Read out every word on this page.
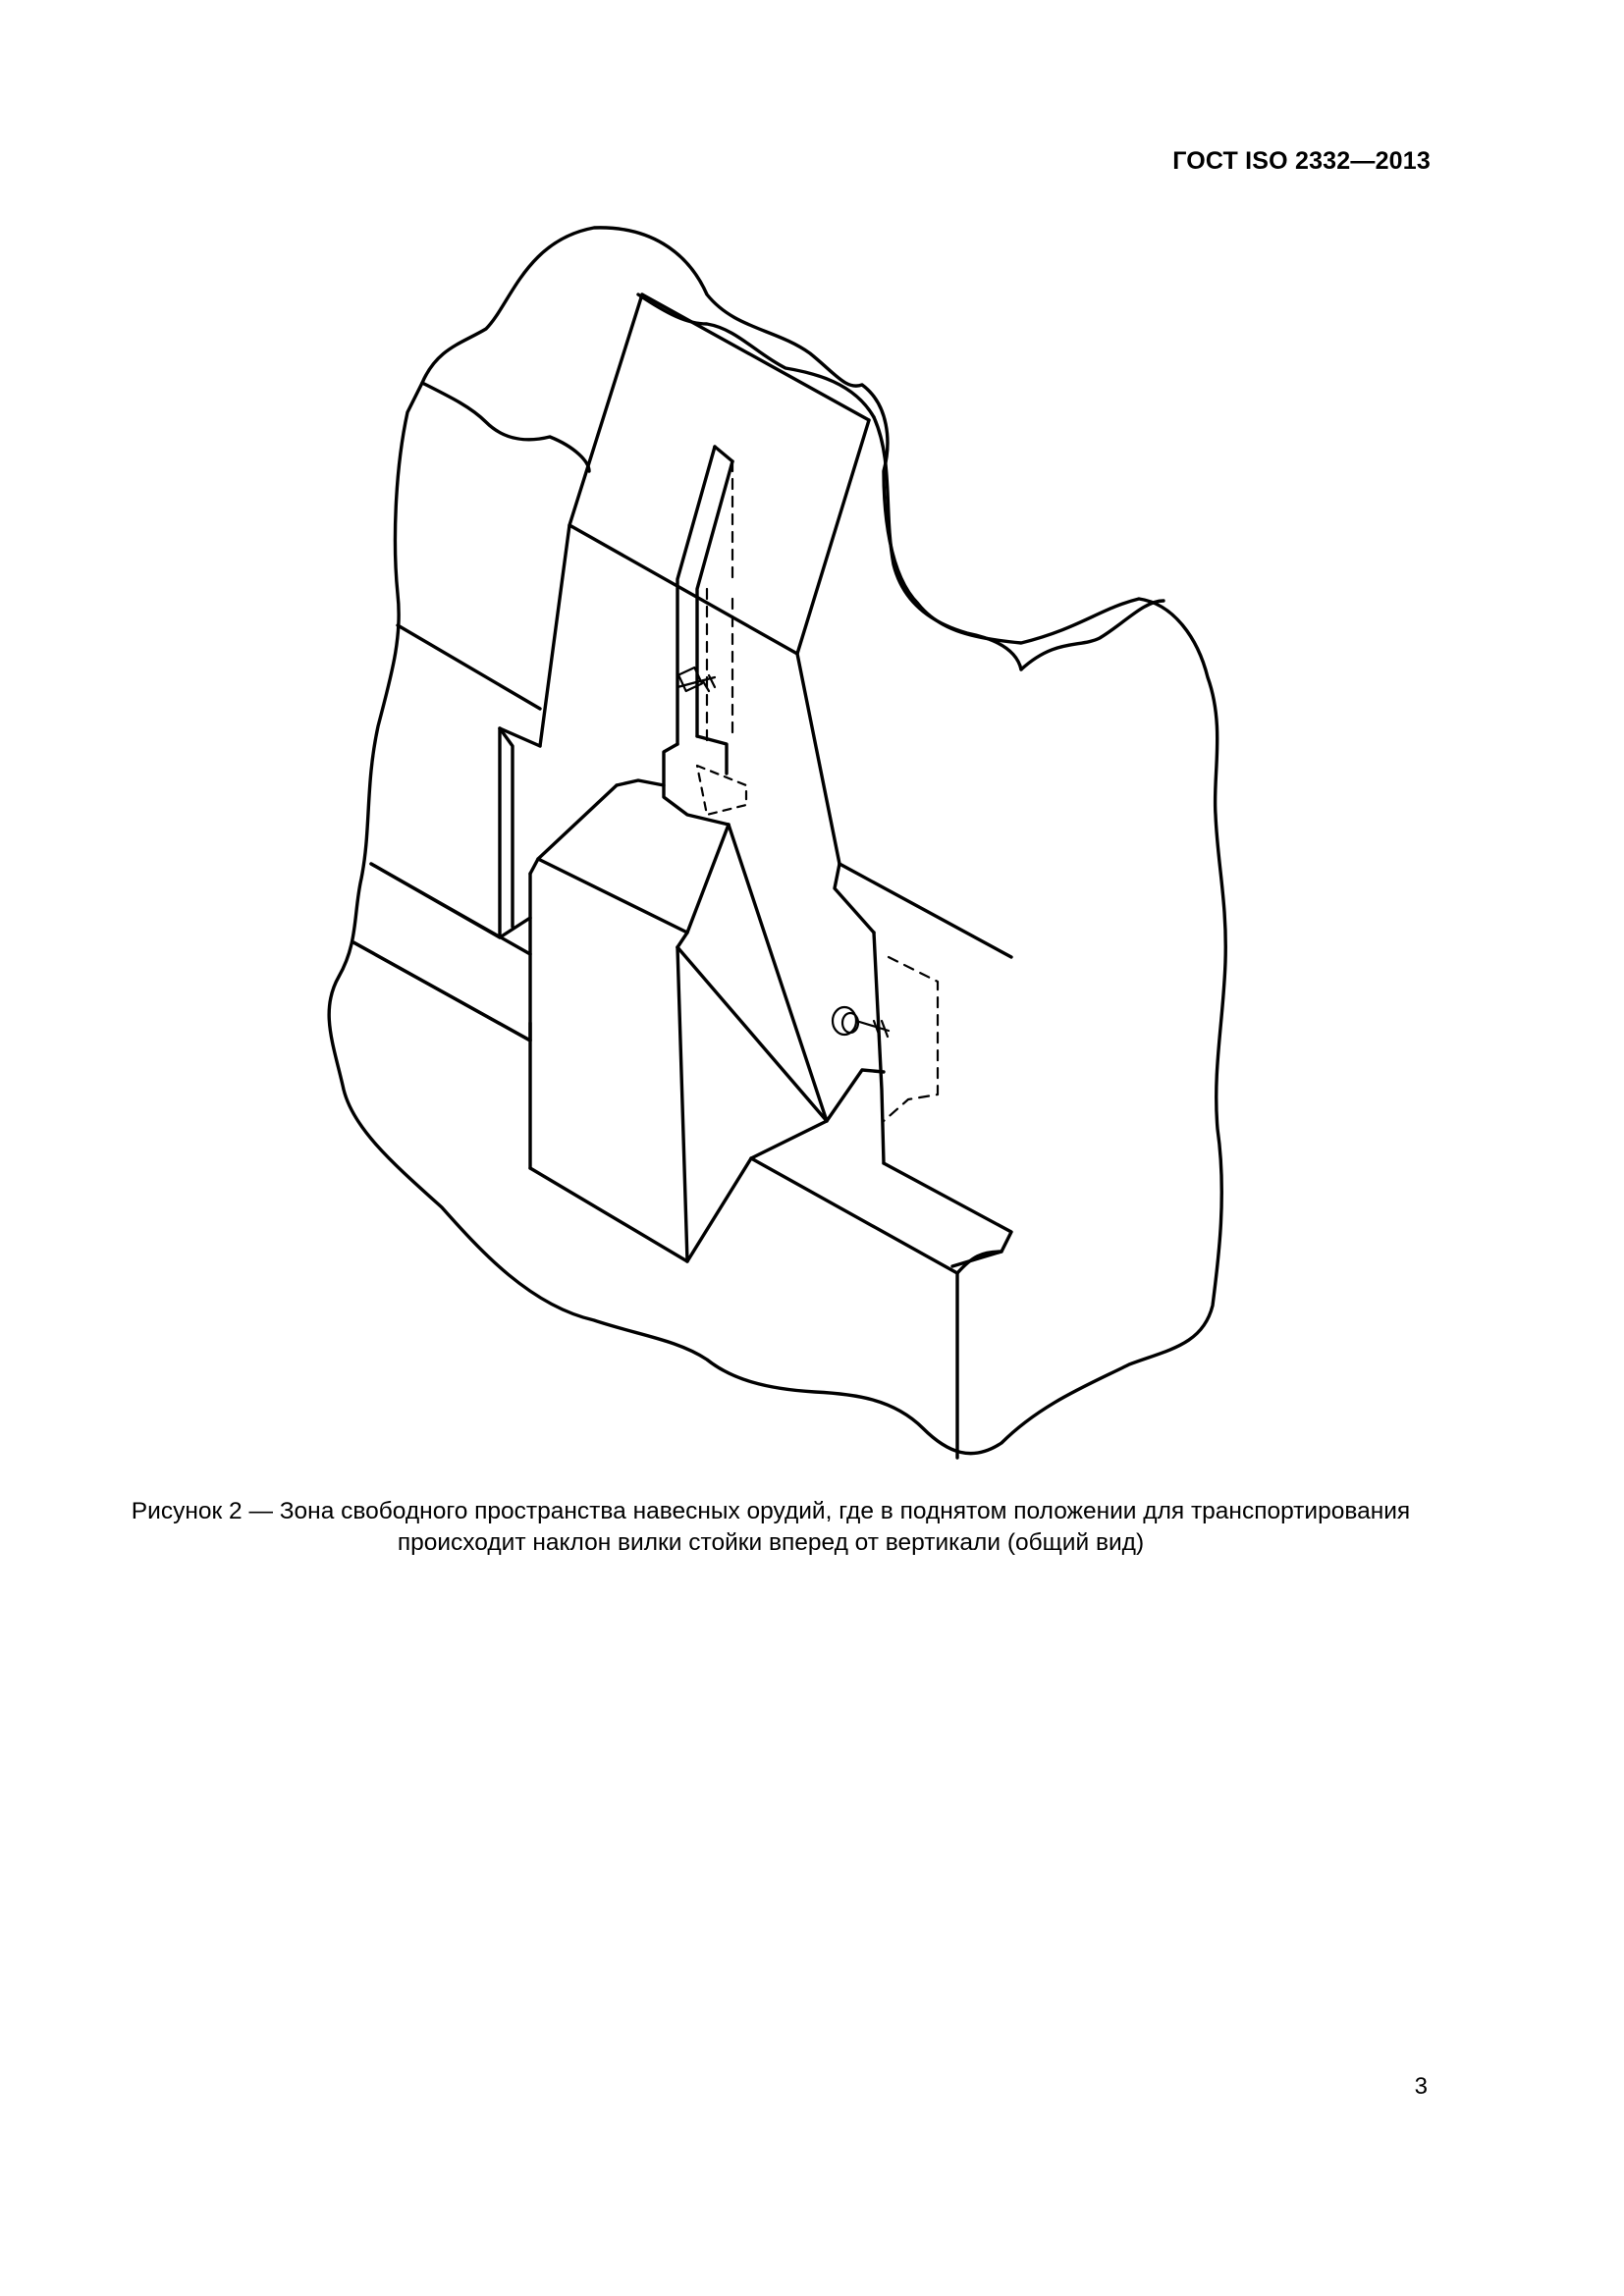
ГОСТ ISO 2332—2013
Рисунок 2 — Зона свободного пространства навесных орудий, где в поднятом положении для транспортирования
происходит наклон вилки стойки вперед от вертикали (общий вид)
3
